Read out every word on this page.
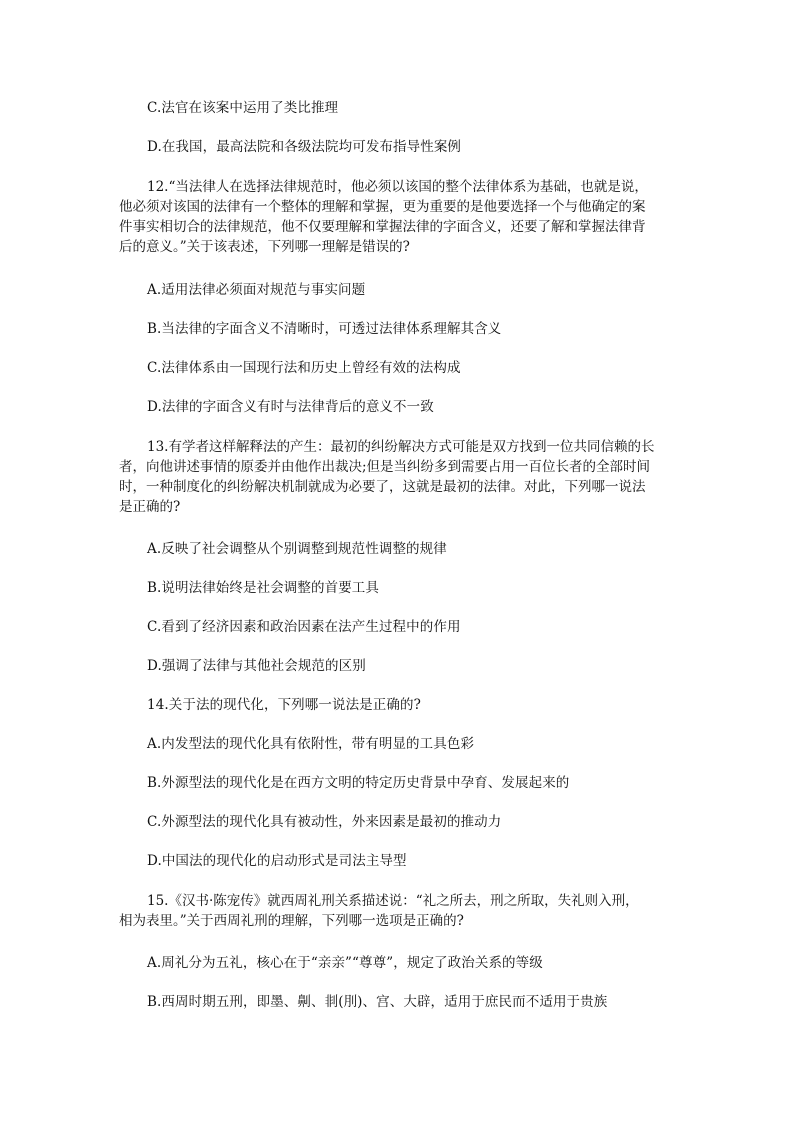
C.法官在该案中运用了类比推理
D.在我国，最高法院和各级法院均可发布指导性案例
12.“当法律人在选择法律规范时，他必须以该国的整个法律体系为基础，也就是说，
他必须对该国的法律有一个整体的理解和掌握，更为重要的是他要选择一个与他确定的案
件事实相切合的法律规范，他不仅要理解和掌握法律的字面含义，还要了解和掌握法律背
后的意义。”关于该表述，下列哪一理解是错误的?
A.适用法律必须面对规范与事实问题
B.当法律的字面含义不清晰时，可透过法律体系理解其含义
C.法律体系由一国现行法和历史上曾经有效的法构成
D.法律的字面含义有时与法律背后的意义不一致
13.有学者这样解释法的产生：最初的纠纷解决方式可能是双方找到一位共同信赖的长
者，向他讲述事情的原委并由他作出裁决;但是当纠纷多到需要占用一百位长者的全部时间
时，一种制度化的纠纷解决机制就成为必要了，这就是最初的法律。对此，下列哪一说法
是正确的?
A.反映了社会调整从个别调整到规范性调整的规律
B.说明法律始终是社会调整的首要工具
C.看到了经济因素和政治因素在法产生过程中的作用
D.强调了法律与其他社会规范的区别
14.关于法的现代化，下列哪一说法是正确的?
A.内发型法的现代化具有依附性，带有明显的工具色彩
B.外源型法的现代化是在西方文明的特定历史背景中孕育、发展起来的
C.外源型法的现代化具有被动性，外来因素是最初的推动力
D.中国法的现代化的启动形式是司法主导型
15.《汉书·陈宠传》就西周礼刑关系描述说：“礼之所去，刑之所取，失礼则入刑，
相为表里。”关于西周礼刑的理解，下列哪一选项是正确的?
A.周礼分为五礼，核心在于“亲亲”“尊尊”，规定了政治关系的等级
B.西周时期五刑，即墨、劓、剕(刖)、宫、大辟，适用于庶民而不适用于贵族
